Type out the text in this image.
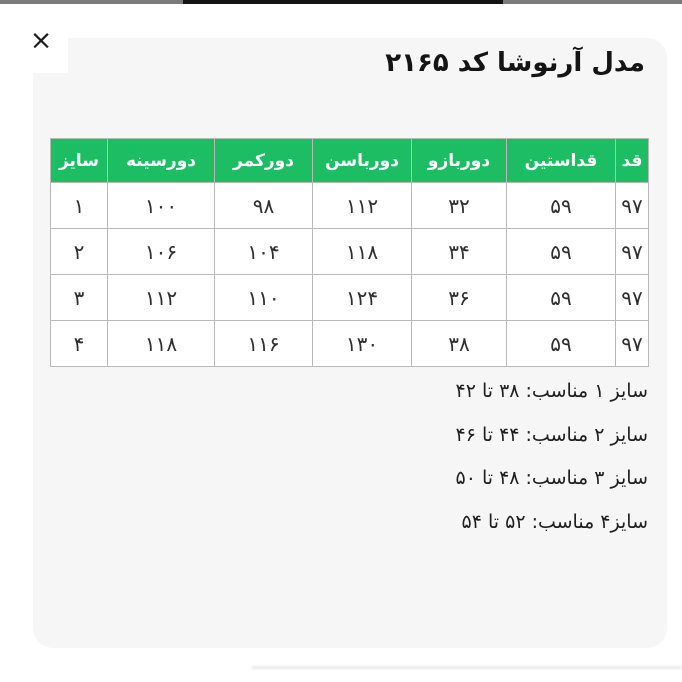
×
مدل آرنوشا کد ۲۱۶۵
قد	قداستین	دوربازو	دورباسن	دورکمر	دورسینه	سایز
۹۷	۵۹	۳۲	۱۱۲	۹۸	۱۰۰	۱
۹۷	۵۹	۳۴	۱۱۸	۱۰۴	۱۰۶	۲
۹۷	۵۹	۳۶	۱۲۴	۱۱۰	۱۱۲	۳
۹۷	۵۹	۳۸	۱۳۰	۱۱۶	۱۱۸	۴
سایز ۱ مناسب: ۳۸ تا ۴۲
سایز ۲ مناسب: ۴۴ تا ۴۶
سایز ۳ مناسب: ۴۸ تا ۵۰
سایز۴ مناسب: ۵۲ تا ۵۴
